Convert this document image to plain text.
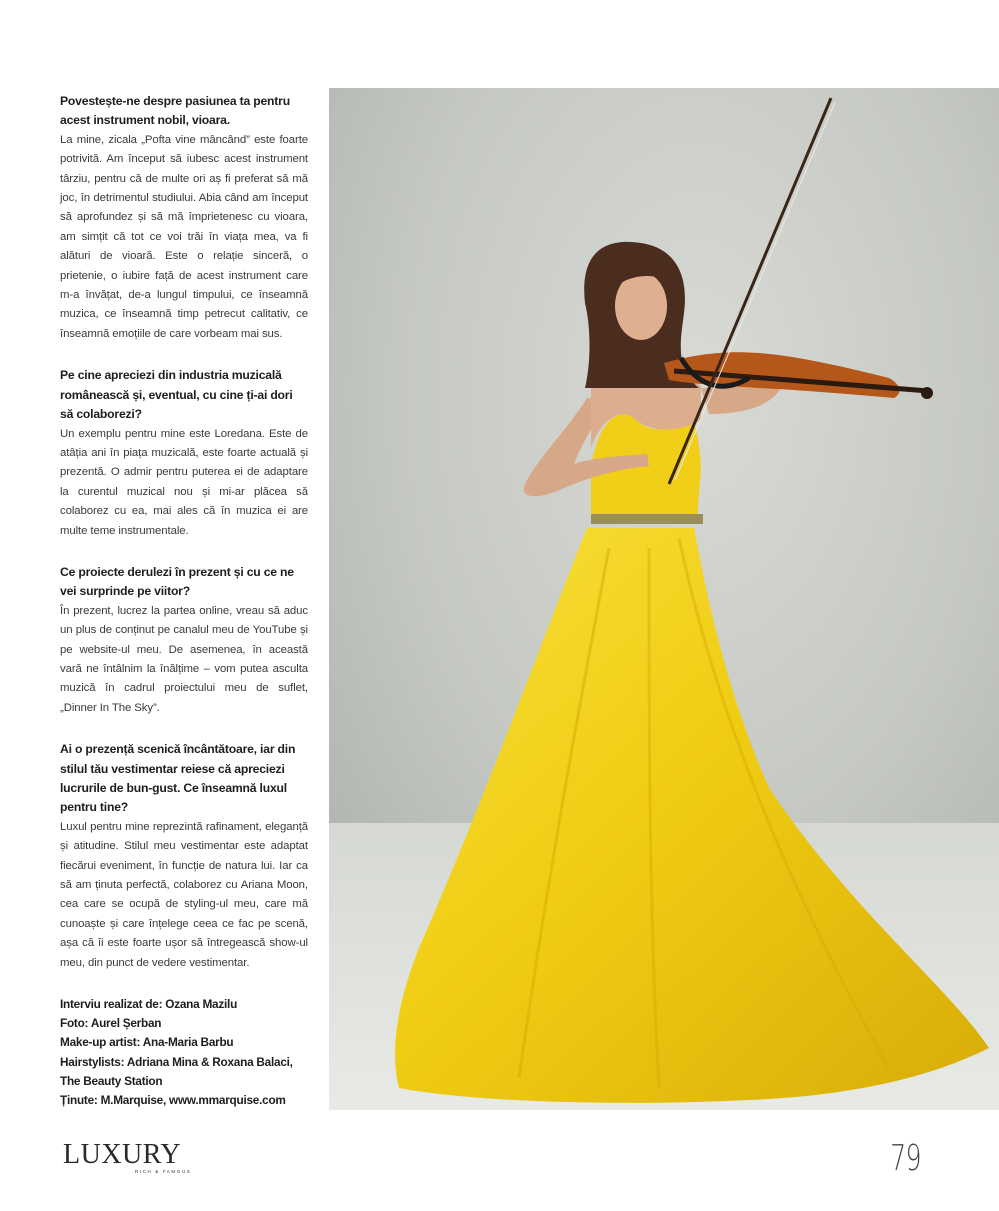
Povestește-ne despre pasiunea ta pentru acest instrument nobil, vioara.

La mine, zicala „Pofta vine mâncând” este foarte potrivită. Am început să iubesc acest instrument târziu, pentru că de multe ori aș fi preferat să mă joc, în detrimentul studiului. Abia când am început să aprofundez și să mă împrietenesc cu vioara, am simțit că tot ce voi trăi în viața mea, va fi alături de vioară. Este o relație sinceră, o prietenie, o iubire față de acest instrument care m-a învățat, de-a lungul timpului, ce înseamnă muzica, ce înseamnă timp petrecut calitativ, ce înseamnă emoțiile de care vorbeam mai sus.

Pe cine apreciezi din industria muzicală românească și, eventual, cu cine ți-ai dori să colaborezi?

Un exemplu pentru mine este Loredana. Este de atâția ani în piața muzicală, este foarte actuală și prezentă. O admir pentru puterea ei de adaptare la curentul muzical nou și mi-ar plăcea să colaborez cu ea, mai ales că în muzica ei are multe teme instrumentale.

Ce proiecte derulezi în prezent și cu ce ne vei surprinde pe viitor?

În prezent, lucrez la partea online, vreau să aduc un plus de conținut pe canalul meu de YouTube și pe website-ul meu. De asemenea, în această vară ne întâlnim la înălțime – vom putea asculta muzică în cadrul proiectului meu de suflet, „Dinner In The Sky”.

Ai o prezență scenică încântătoare, iar din stilul tău vestimentar reiese că apreciezi lucrurile de bun-gust. Ce înseamnă luxul pentru tine?

Luxul pentru mine reprezintă rafinament, eleganță și atitudine. Stilul meu vestimentar este adaptat fiecărui eveniment, în funcție de natura lui. Iar ca să am ținuta perfectă, colaborez cu Ariana Moon, cea care se ocupă de styling-ul meu, care mă cunoaște și care înțelege ceea ce fac pe scenă, așa că îi este foarte ușor să întregească show-ul meu, din punct de vedere vestimentar.

Interviu realizat de: Ozana Mazilu
Foto: Aurel Șerban
Make-up artist: Ana-Maria Barbu
Hairstylists: Adriana Mina & Roxana Balaci,
The Beauty Station
Ținute: M.Marquise, www.mmarquise.com
LUXURY
RICH & FAMOUS	79
